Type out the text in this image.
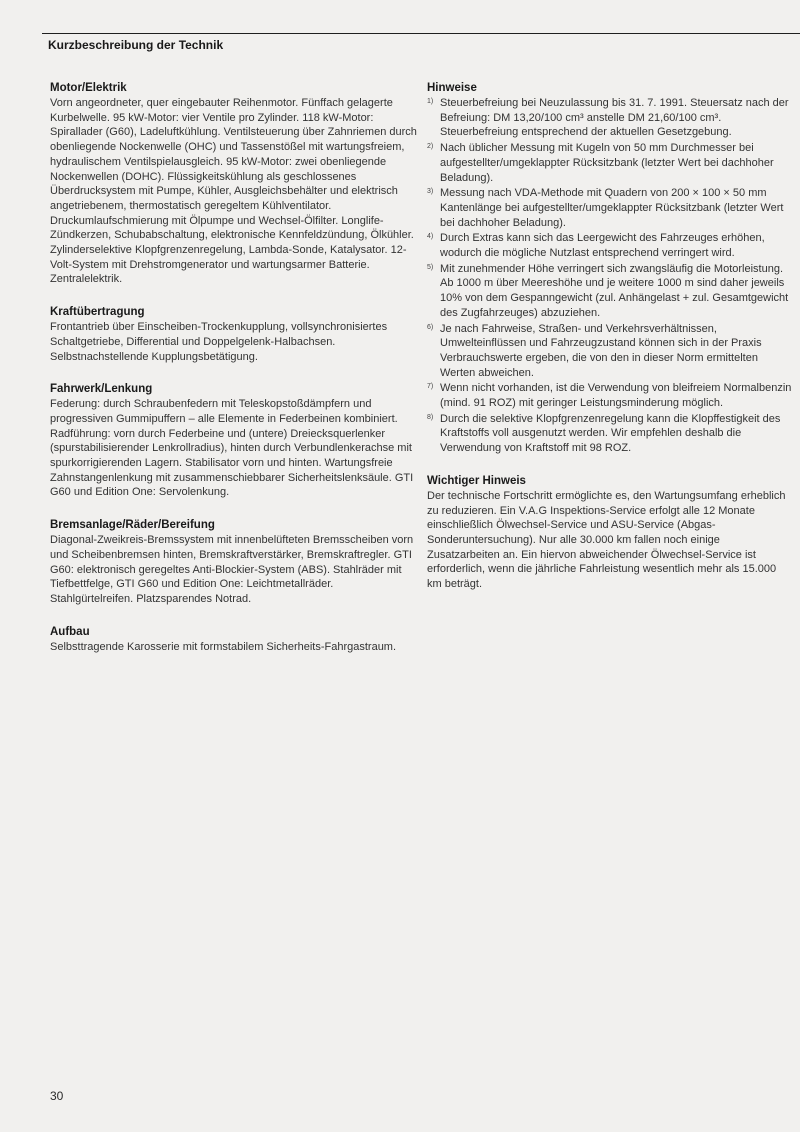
Kurzbeschreibung der Technik
Motor/Elektrik

Vorn angeordneter, quer eingebauter Reihenmotor. Fünffach gelagerte Kurbelwelle. 95 kW-Motor: vier Ventile pro Zylinder. 118 kW-Motor: Spirallader (G60), Ladeluftkühlung. Ventilsteuerung über Zahnriemen durch obenliegende Nockenwelle (OHC) und Tassenstößel mit wartungsfreiem, hydraulischem Ventilspielausgleich. 95 kW-Motor: zwei obenliegende Nockenwellen (DOHC). Flüssigkeitskühlung als geschlossenes Überdrucksystem mit Pumpe, Kühler, Ausgleichsbehälter und elektrisch angetriebenem, thermostatisch geregeltem Kühlventilator. Druckumlaufschmierung mit Ölpumpe und Wechsel-Ölfilter. Longlife-Zündkerzen, Schubabschaltung, elektronische Kennfeldzündung, Ölkühler. Zylinderselektive Klopfgrenzenregelung, Lambda-Sonde, Katalysator. 12-Volt-System mit Drehstromgenerator und wartungsarmer Batterie. Zentralelektrik.

Kraftübertragung

Frontantrieb über Einscheiben-Trockenkupplung, vollsynchronisiertes Schaltgetriebe, Differential und Doppelgelenk-Halbachsen. Selbstnachstellende Kupplungsbetätigung.

Fahrwerk/Lenkung

Federung: durch Schraubenfedern mit Teleskopstoßdämpfern und progressiven Gummipuffern – alle Elemente in Federbeinen kombiniert. Radführung: vorn durch Federbeine und (untere) Dreiecksquerlenker (spurstabilisierender Lenkrollradius), hinten durch Verbundlenkerachse mit spurkorrigierenden Lagern. Stabilisator vorn und hinten. Wartungsfreie Zahnstangenlenkung mit zusammenschiebbarer Sicherheitslenksäule. GTI G60 und Edition One: Servolenkung.

Bremsanlage/Räder/Bereifung

Diagonal-Zweikreis-Bremssystem mit innenbelüfteten Bremsscheiben vorn und Scheibenbremsen hinten, Bremskraftverstärker, Bremskraftregler. GTI G60: elektronisch geregeltes Anti-Blockier-System (ABS). Stahlräder mit Tiefbettfelge, GTI G60 und Edition One: Leichtmetallräder. Stahlgürtelreifen. Platzsparendes Notrad.

Aufbau

Selbsttragende Karosserie mit formstabilem Sicherheits-Fahrgastraum.

Hinweise
1) Steuerbefreiung bei Neuzulassung bis 31. 7. 1991. Steuersatz nach der Befreiung: DM 13,20/100 cm³ anstelle DM 21,60/100 cm³. Steuerbefreiung entsprechend der aktuellen Gesetzgebung.
2) Nach üblicher Messung mit Kugeln von 50 mm Durchmesser bei aufgestellter/umgeklappter Rücksitzbank (letzter Wert bei dachhoher Beladung).
3) Messung nach VDA-Methode mit Quadern von 200 × 100 × 50 mm Kantenlänge bei aufgestellter/umgeklappter Rücksitzbank (letzter Wert bei dachhoher Beladung).
4) Durch Extras kann sich das Leergewicht des Fahrzeuges erhöhen, wodurch die mögliche Nutzlast entsprechend verringert wird.
5) Mit zunehmender Höhe verringert sich zwangsläufig die Motorleistung. Ab 1000 m über Meereshöhe und je weitere 1000 m sind daher jeweils 10% von dem Gespanngewicht (zul. Anhängelast + zul. Gesamtgewicht des Zugfahrzeuges) abzuziehen.
6) Je nach Fahrweise, Straßen- und Verkehrsverhältnissen, Umwelteinflüssen und Fahrzeugzustand können sich in der Praxis Verbrauchswerte ergeben, die von den in dieser Norm ermittelten Werten abweichen.
7) Wenn nicht vorhanden, ist die Verwendung von bleifreiem Normalbenzin (mind. 91 ROZ) mit geringer Leistungsminderung möglich.
8) Durch die selektive Klopfgrenzenregelung kann die Klopffestigkeit des Kraftstoffs voll ausgenutzt werden. Wir empfehlen deshalb die Verwendung von Kraftstoff mit 98 ROZ.
Wichtiger Hinweis

Der technische Fortschritt ermöglichte es, den Wartungsumfang erheblich zu reduzieren. Ein V.A.G Inspektions-Service erfolgt alle 12 Monate einschließlich Ölwechsel-Service und ASU-Service (Abgas-Sonderuntersuchung). Nur alle 30.000 km fallen noch einige Zusatzarbeiten an. Ein hiervon abweichender Ölwechsel-Service ist erforderlich, wenn die jährliche Fahrleistung wesentlich mehr als 15.000 km beträgt.

30
